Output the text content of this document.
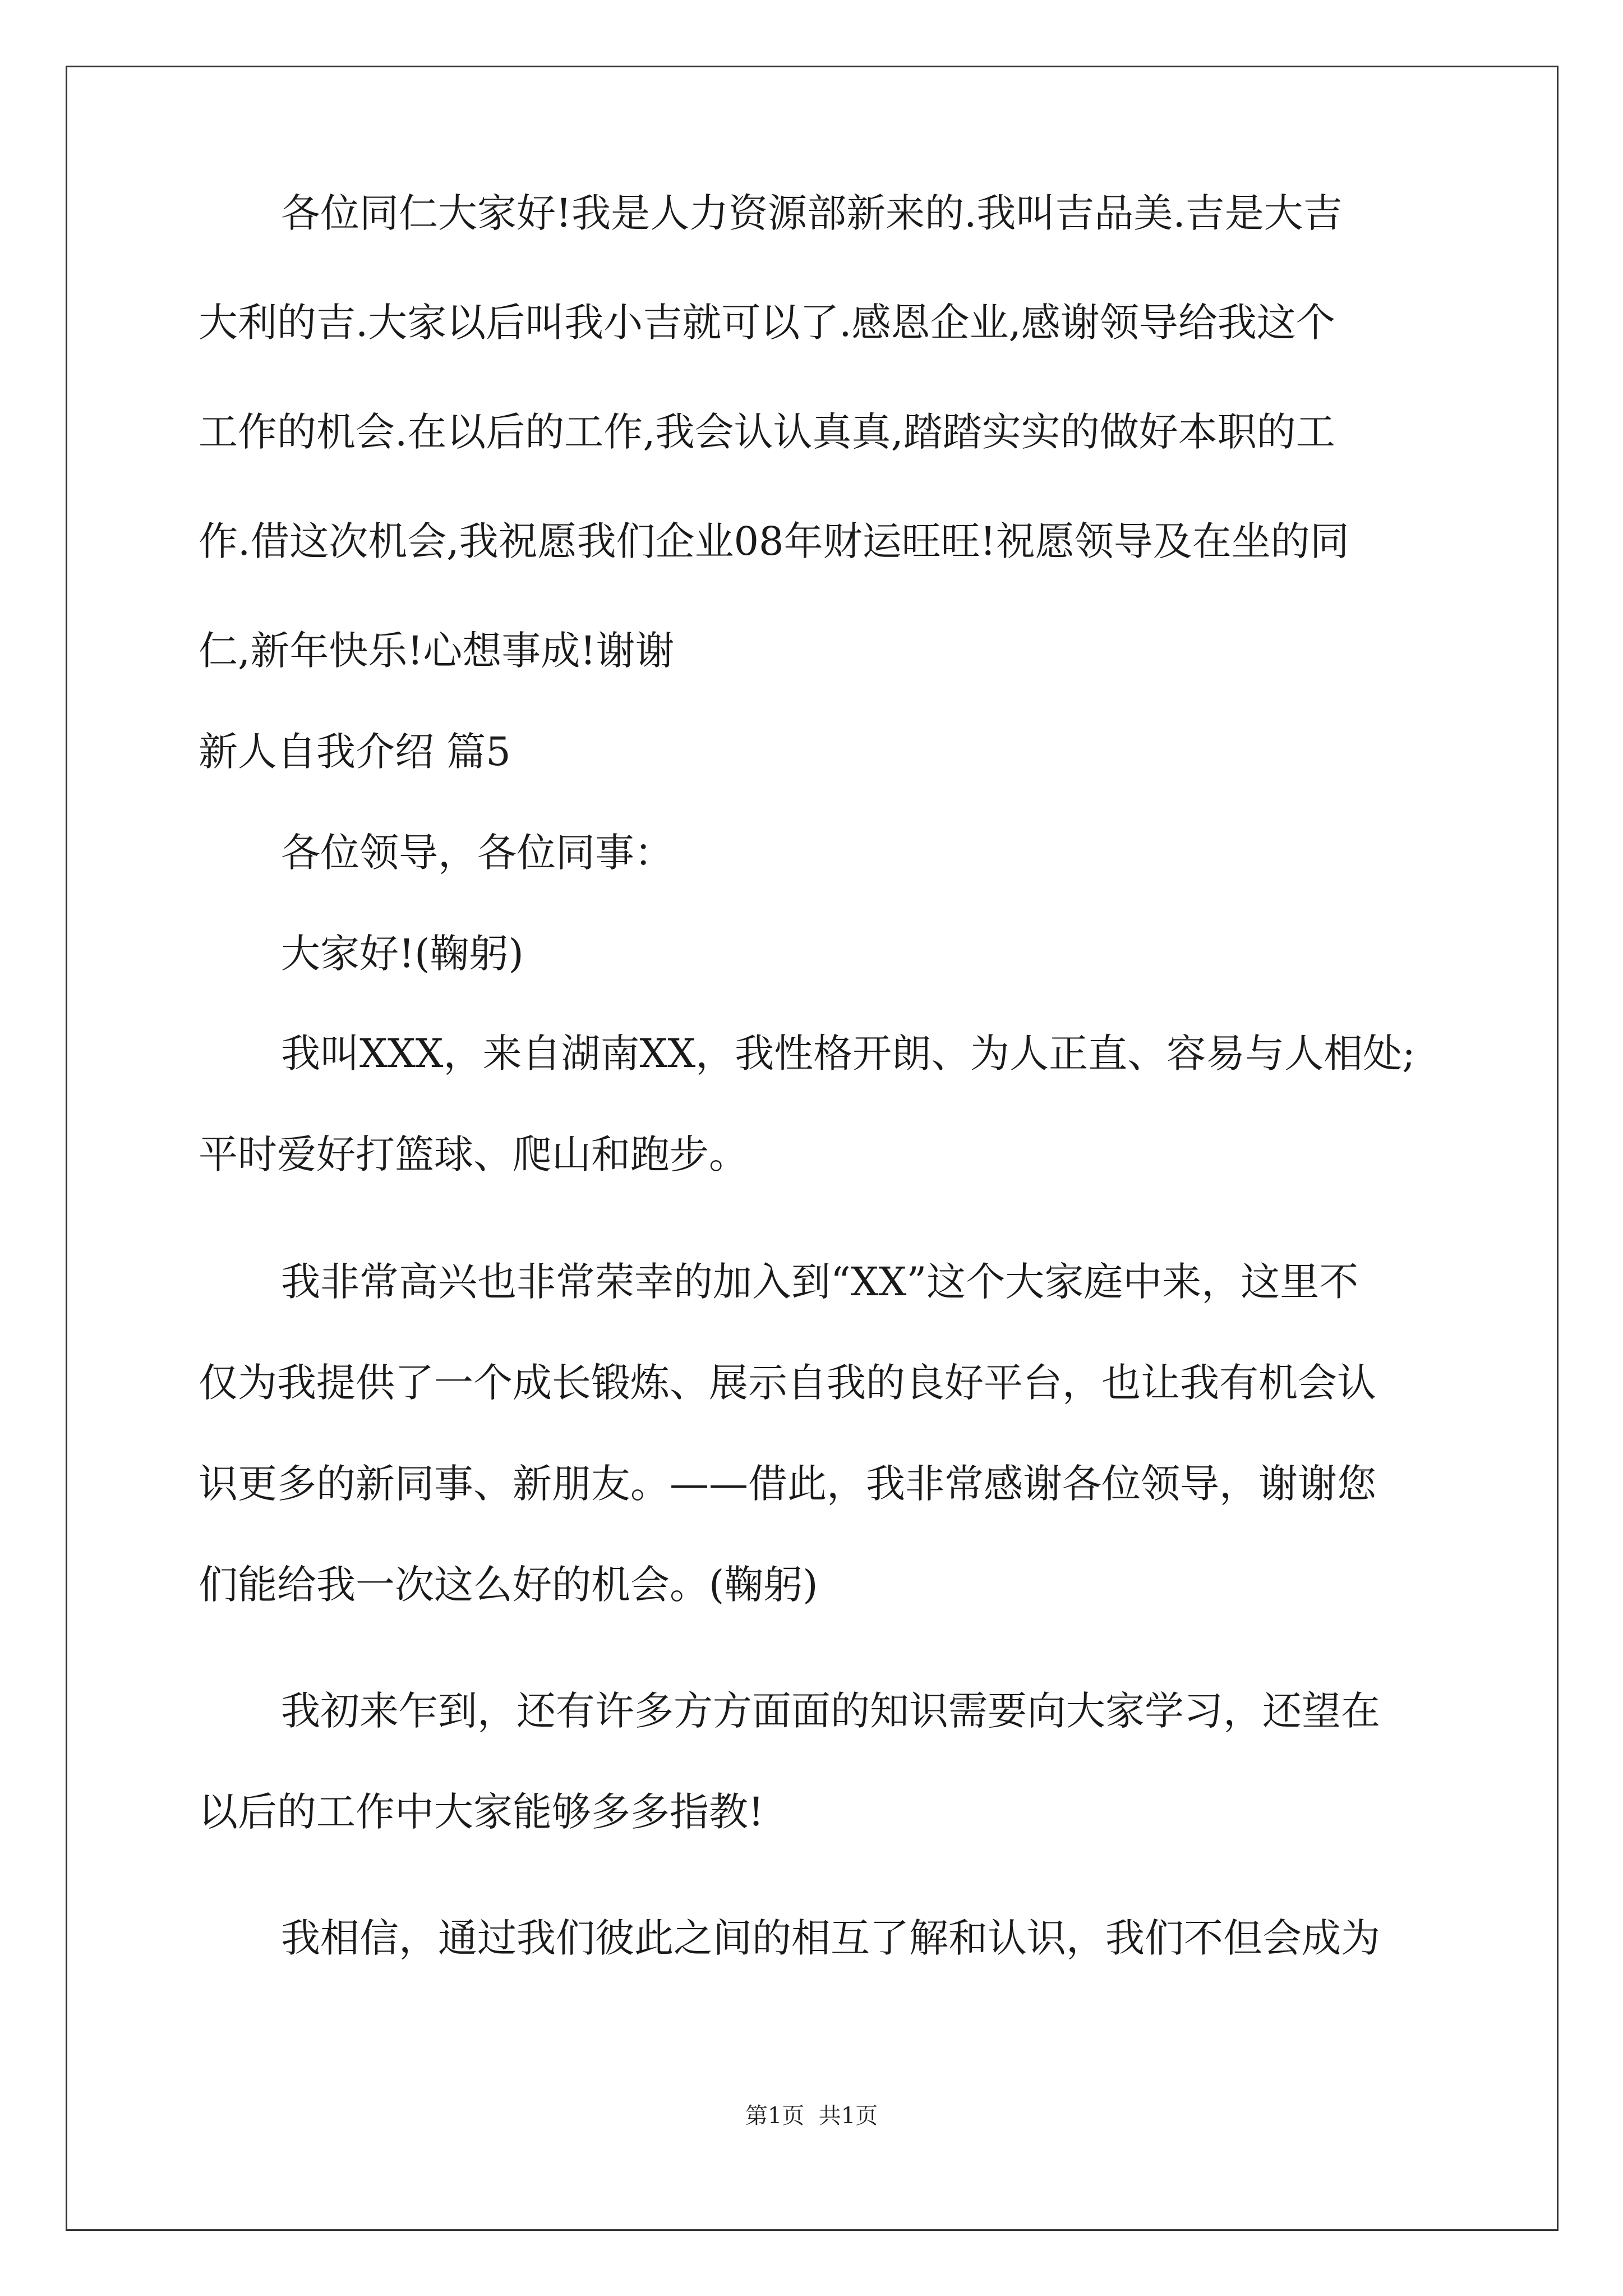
各位同仁大家好!我是人力资源部新来的.我叫吉品美.吉是大吉
大利的吉.大家以后叫我小吉就可以了.感恩企业,感谢领导给我这个
工作的机会.在以后的工作,我会认认真真,踏踏实实的做好本职的工
作.借这次机会,我祝愿我们企业08年财运旺旺!祝愿领导及在坐的同
仁,新年快乐!心想事成!谢谢
新人自我介绍 篇5
各位领导，各位同事：
大家好!(鞠躬)
我叫XXX，来自湖南XX，我性格开朗、为人正直、容易与人相处;
平时爱好打篮球、爬山和跑步。
我非常高兴也非常荣幸的加入到“XX”这个大家庭中来，这里不
仅为我提供了一个成长锻炼、展示自我的良好平台，也让我有机会认
识更多的新同事、新朋友。——借此，我非常感谢各位领导，谢谢您
们能给我一次这么好的机会。(鞠躬)
我初来乍到，还有许多方方面面的知识需要向大家学习，还望在
以后的工作中大家能够多多指教!
我相信，通过我们彼此之间的相互了解和认识，我们不但会成为
第1页  共1页
